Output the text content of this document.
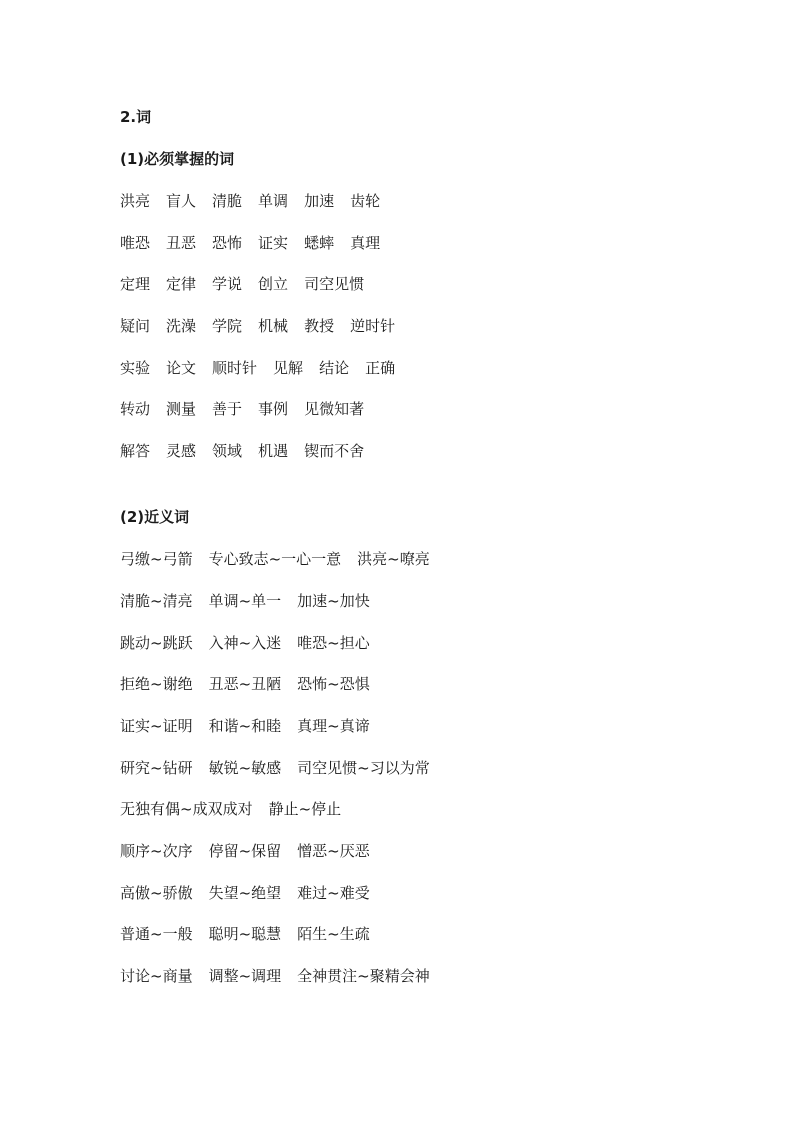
2.词
(1)必须掌握的词
洪亮 盲人 清脆 单调 加速 齿轮
唯恐 丑恶 恐怖 证实 蟋蟀 真理
定理 定律 学说 创立 司空见惯
疑问 洗澡 学院 机械 教授 逆时针
实验 论文 顺时针 见解 结论 正确
转动 测量 善于 事例 见微知著
解答 灵感 领域 机遇 锲而不舍
(2)近义词
弓缴~弓箭 专心致志~一心一意 洪亮~嘹亮
清脆~清亮 单调~单一 加速~加快
跳动~跳跃 入神~入迷 唯恐~担心
拒绝~谢绝 丑恶~丑陋 恐怖~恐惧
证实~证明 和谐~和睦 真理~真谛
研究~钻研 敏锐~敏感 司空见惯~习以为常
无独有偶~成双成对 静止~停止
顺序~次序 停留~保留 憎恶~厌恶
高傲~骄傲 失望~绝望 难过~难受
普通~一般 聪明~聪慧 陌生~生疏
讨论~商量 调整~调理 全神贯注~聚精会神
